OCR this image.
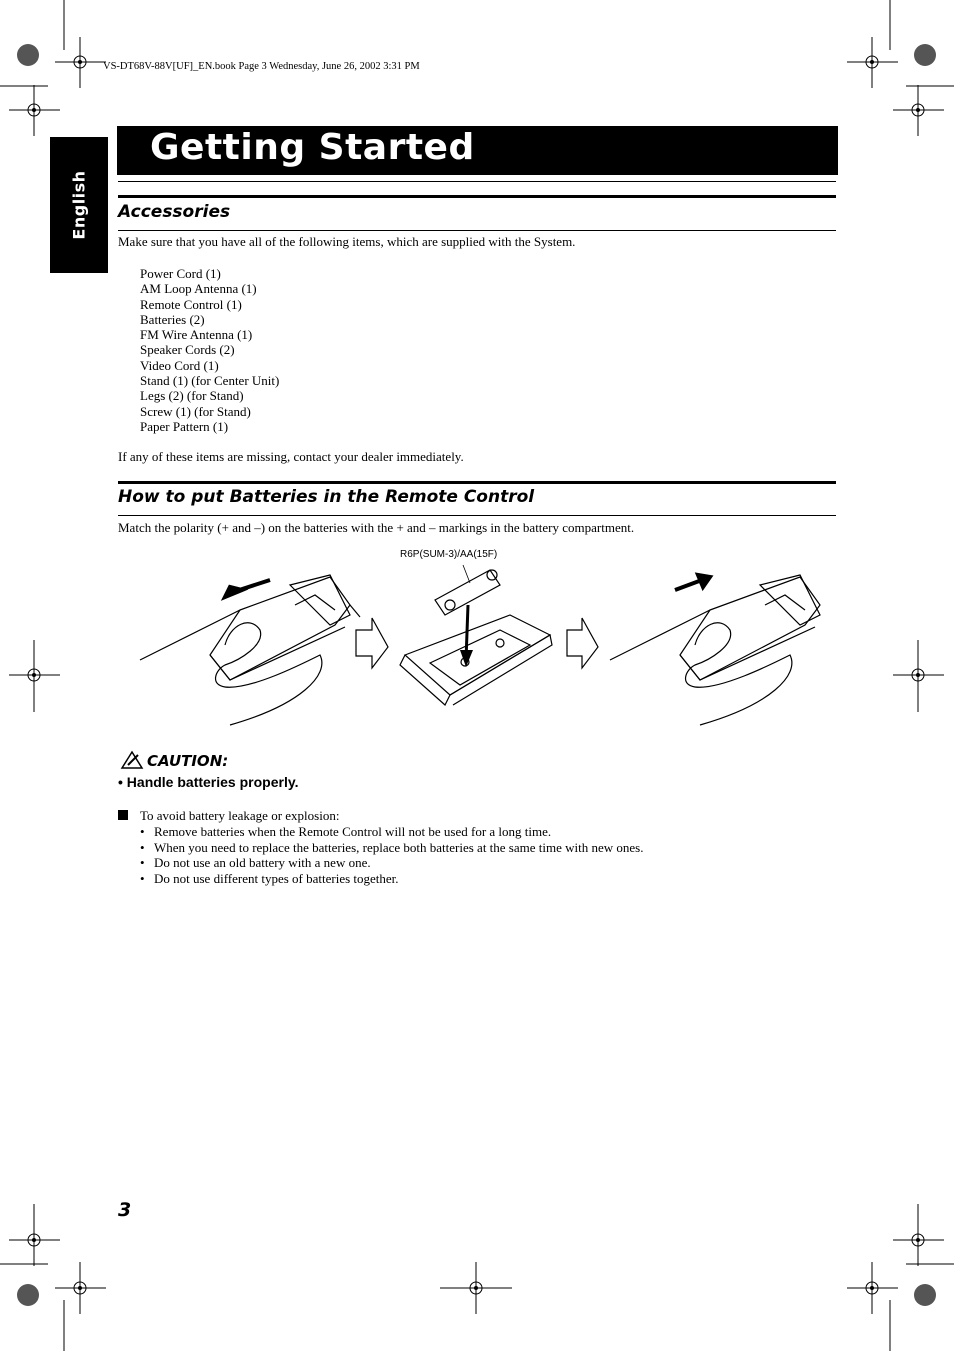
VS-DT68V-88V[UF]_EN.book Page 3 Wednesday, June 26, 2002 3:31 PM
English
Getting Started
Accessories
Make sure that you have all of the following items, which are supplied with the System.
Power Cord (1)
AM Loop Antenna (1)
Remote Control (1)
Batteries (2)
FM Wire Antenna (1)
Speaker Cords (2)
Video Cord (1)
Stand (1) (for Center Unit)
Legs (2) (for Stand)
Screw (1) (for Stand)
Paper Pattern (1)
If any of these items are missing, contact your dealer immediately.
How to put Batteries in the Remote Control
Match the polarity (+ and –) on the batteries with the + and – markings in the battery compartment.
R6P(SUM-3)/AA(15F)
CAUTION:
• Handle batteries properly.
To avoid battery leakage or explosion:
• Remove batteries when the Remote Control will not be used for a long time.
• When you need to replace the batteries, replace both batteries at the same time with new ones.
• Do not use an old battery with a new one.
• Do not use different types of batteries together.
3
